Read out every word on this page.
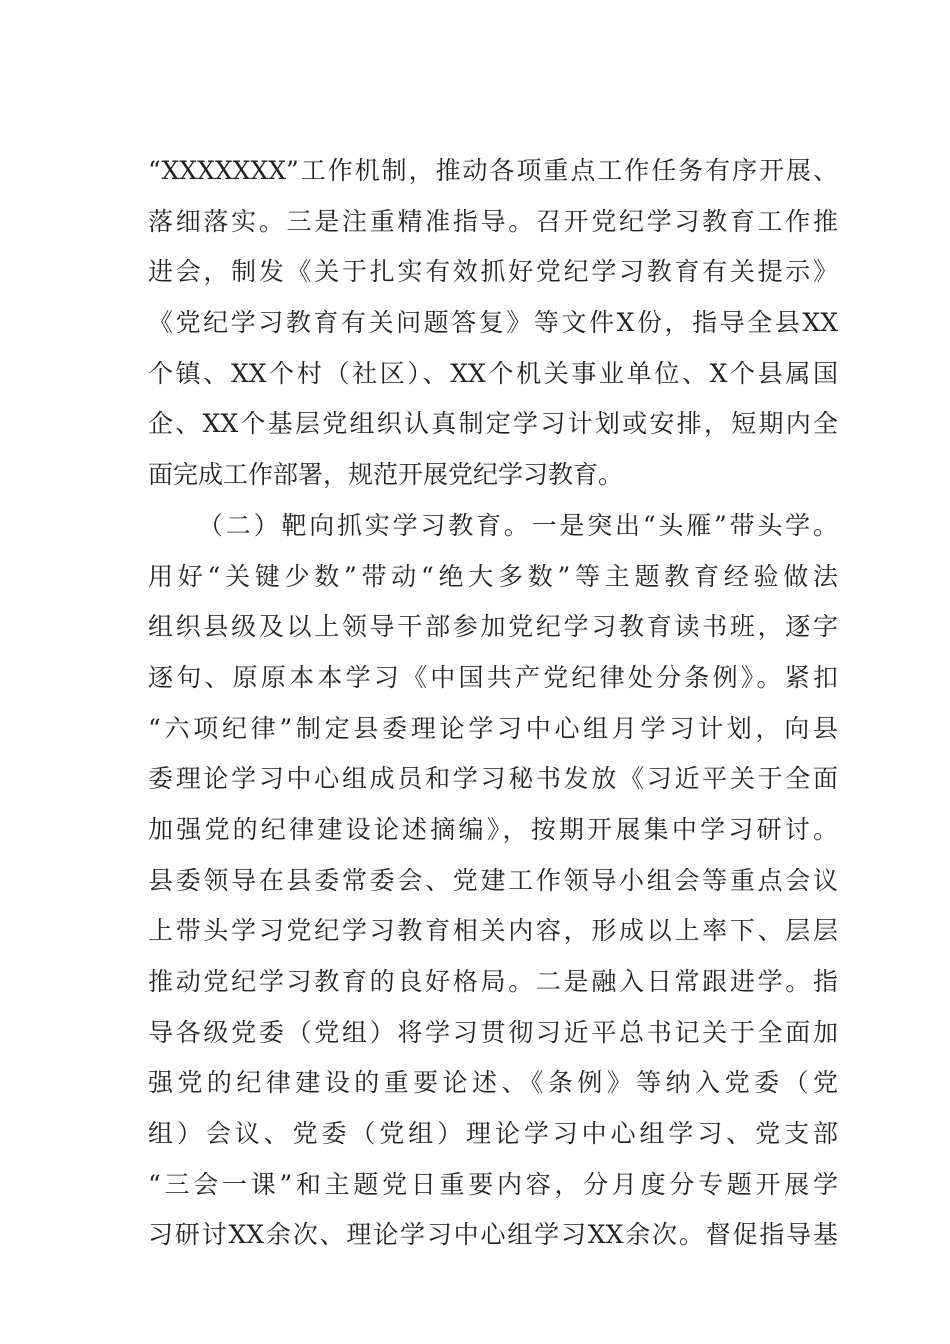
“XXXXXXX”工作机制，推动各项重点工作任务有序开展、
落细落实。三是注重精准指导。召开党纪学习教育工作推
进会，制发《关于扎实有效抓好党纪学习教育有关提示》
《党纪学习教育有关问题答复》等文件X份，指导全县XX
个镇、XX个村（社区）、XX个机关事业单位、X个县属国
企、XX个基层党组织认真制定学习计划或安排，短期内全
面完成工作部署，规范开展党纪学习教育。
（二）靶向抓实学习教育。一是突出“头雁”带头学。
用好“关键少数”带动“绝大多数”等主题教育经验做法
组织县级及以上领导干部参加党纪学习教育读书班，逐字
逐句、原原本本学习《中国共产党纪律处分条例》。紧扣
“六项纪律”制定县委理论学习中心组月学习计划，向县
委理论学习中心组成员和学习秘书发放《习近平关于全面
加强党的纪律建设论述摘编》，按期开展集中学习研讨。
县委领导在县委常委会、党建工作领导小组会等重点会议
上带头学习党纪学习教育相关内容，形成以上率下、层层
推动党纪学习教育的良好格局。二是融入日常跟进学。指
导各级党委（党组）将学习贯彻习近平总书记关于全面加
强党的纪律建设的重要论述、《条例》等纳入党委（党
组）会议、党委（党组）理论学习中心组学习、党支部
“三会一课”和主题党日重要内容，分月度分专题开展学
习研讨XX余次、理论学习中心组学习XX余次。督促指导基
